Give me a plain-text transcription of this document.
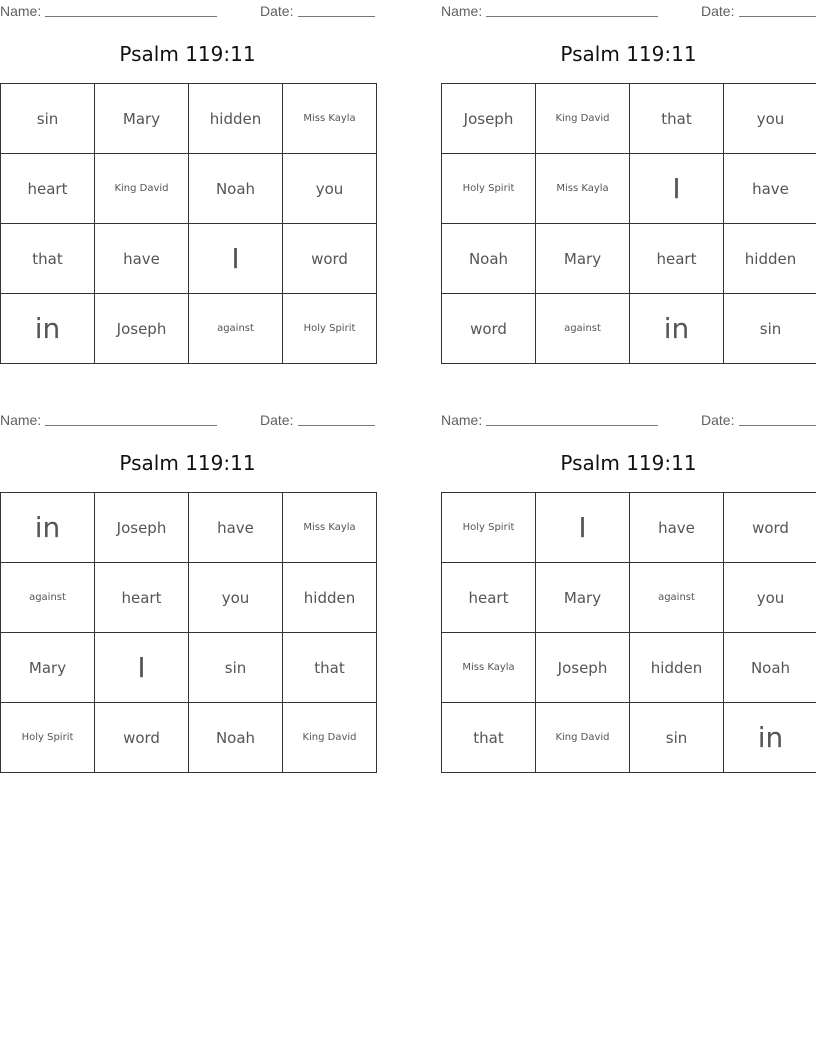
Name:	Date:
Psalm 119:11
sin	Mary	hidden	Miss Kayla
heart	King David	Noah	you
that	have	I	word
in	Joseph	against	Holy Spirit
Name:	Date:
Psalm 119:11
Joseph	King David	that	you
Holy Spirit	Miss Kayla	I	have
Noah	Mary	heart	hidden
word	against	in	sin
Name:	Date:
Psalm 119:11
in	Joseph	have	Miss Kayla
against	heart	you	hidden
Mary	I	sin	that
Holy Spirit	word	Noah	King David
Name:	Date:
Psalm 119:11
Holy Spirit	I	have	word
heart	Mary	against	you
Miss Kayla	Joseph	hidden	Noah
that	King David	sin	in
